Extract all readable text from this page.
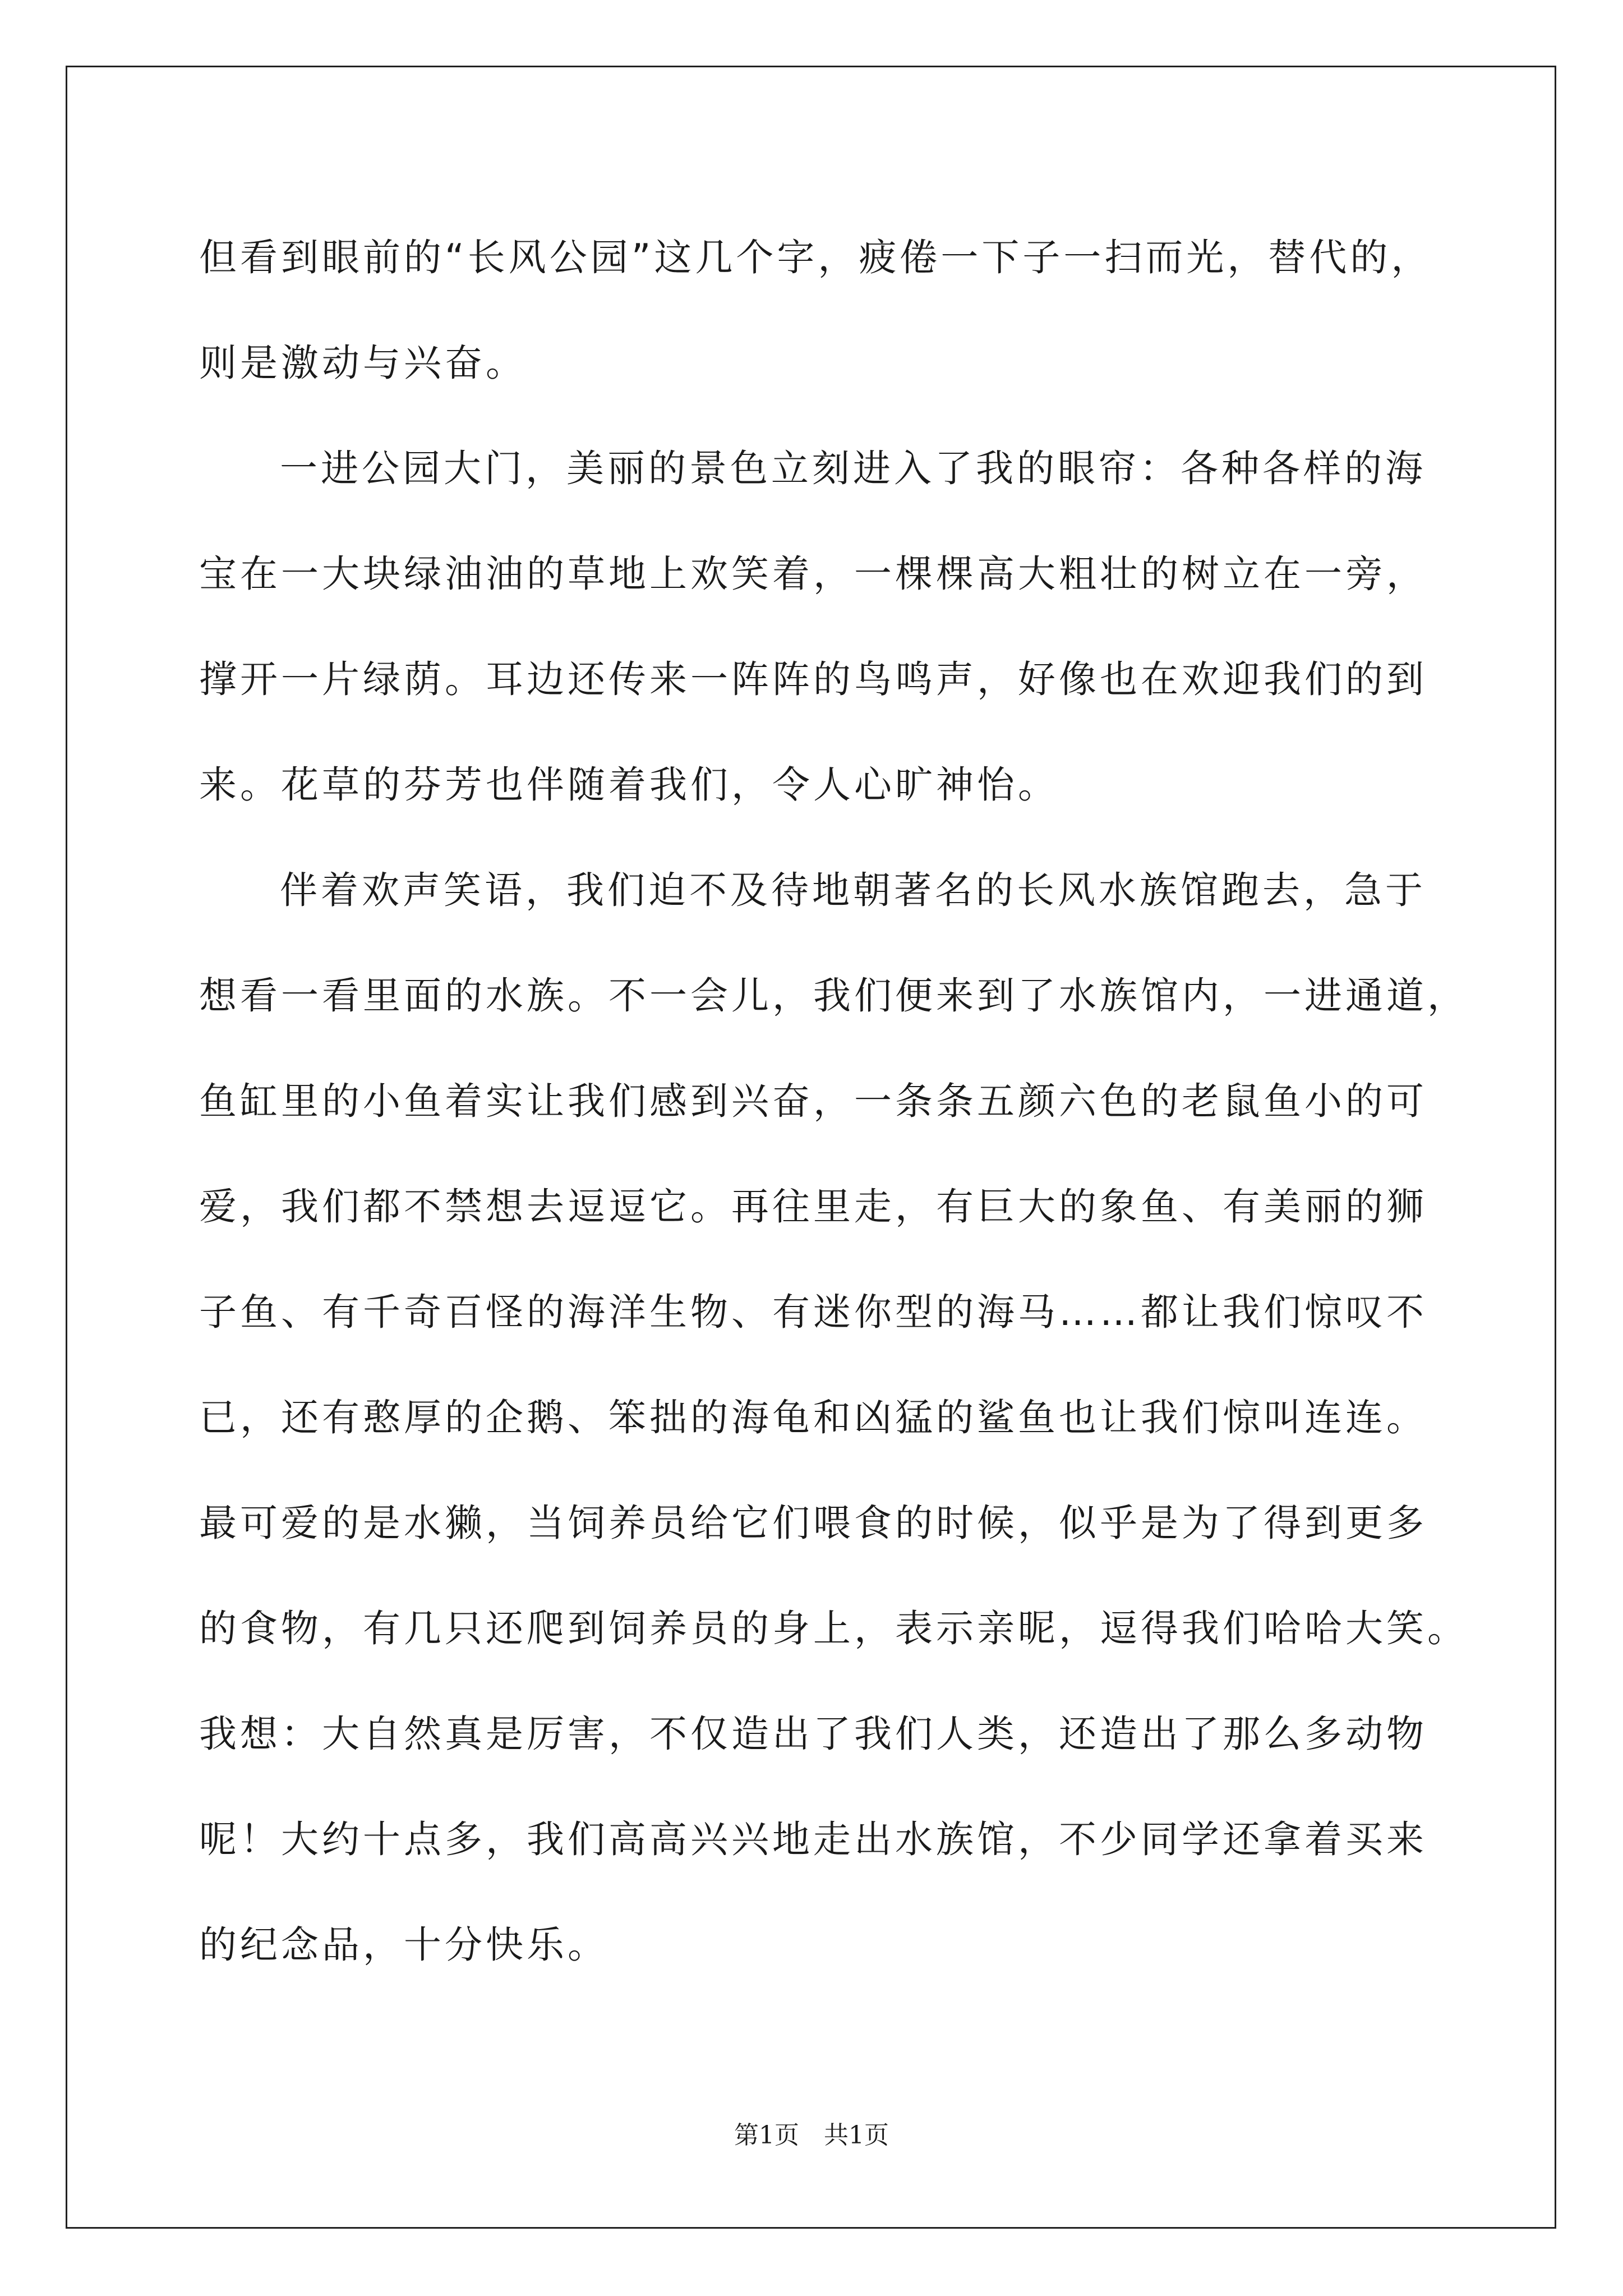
但看到眼前的“长风公园”这几个字，疲倦一下子一扫而光，替代的，
则是激动与兴奋。
一进公园大门，美丽的景色立刻进入了我的眼帘：各种各样的海
宝在一大块绿油油的草地上欢笑着，一棵棵高大粗壮的树立在一旁，
撑开一片绿荫。耳边还传来一阵阵的鸟鸣声，好像也在欢迎我们的到
来。花草的芬芳也伴随着我们，令人心旷神怡。
伴着欢声笑语，我们迫不及待地朝著名的长风水族馆跑去，急于
想看一看里面的水族。不一会儿，我们便来到了水族馆内，一进通道，
鱼缸里的小鱼着实让我们感到兴奋，一条条五颜六色的老鼠鱼小的可
爱，我们都不禁想去逗逗它。再往里走，有巨大的象鱼、有美丽的狮
子鱼、有千奇百怪的海洋生物、有迷你型的海马……都让我们惊叹不
已，还有憨厚的企鹅、笨拙的海龟和凶猛的鲨鱼也让我们惊叫连连。
最可爱的是水獭，当饲养员给它们喂食的时候，似乎是为了得到更多
的食物，有几只还爬到饲养员的身上，表示亲昵，逗得我们哈哈大笑。
我想：大自然真是厉害，不仅造出了我们人类，还造出了那么多动物
呢！大约十点多，我们高高兴兴地走出水族馆，不少同学还拿着买来
的纪念品，十分快乐。
第1页　共1页
